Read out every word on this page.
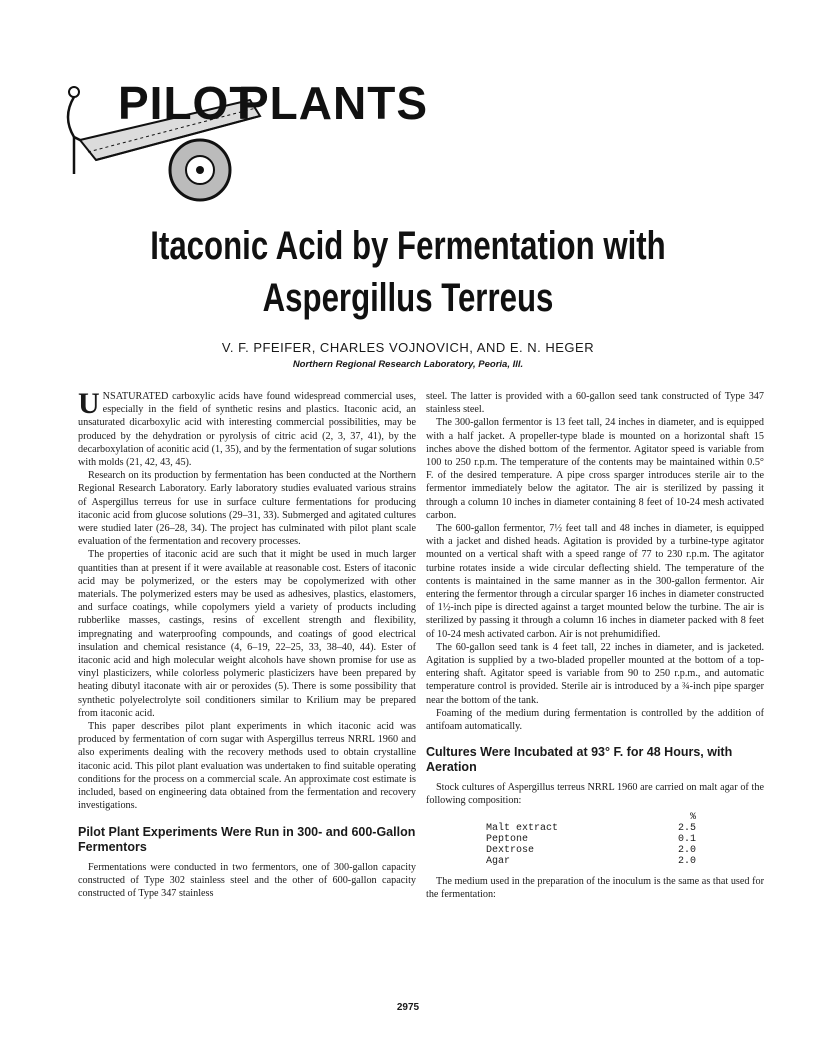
PILOT
PLANTS
Itaconic Acid by Fermentation with
Aspergillus Terreus
V. F. PFEIFER, CHARLES VOJNOVICH, AND E. N. HEGER
Northern Regional Research Laboratory, Peoria, Ill.

UNSATURATED carboxylic acids have found widespread commercial uses, especially in the field of synthetic resins and plastics. Itaconic acid, an unsaturated dicarboxylic acid with interesting commercial possibilities, may be produced by the dehydration or pyrolysis of citric acid (2, 3, 37, 41), by the decarboxylation of aconitic acid (1, 35), and by the fermentation of sugar solutions with molds (21, 42, 43, 45).

Research on its production by fermentation has been conducted at the Northern Regional Research Laboratory. Early laboratory studies evaluated various strains of Aspergillus terreus for use in surface culture fermentations for producing itaconic acid from glucose solutions (29–31, 33). Submerged and agitated cultures were studied later (26–28, 34). The project has culminated with pilot plant scale evaluation of the fermentation and recovery processes.

The properties of itaconic acid are such that it might be used in much larger quantities than at present if it were available at reasonable cost. Esters of itaconic acid may be polymerized, or the esters may be copolymerized with other materials. The polymerized esters may be used as adhesives, plastics, elastomers, and surface coatings, while copolymers yield a variety of products including rubberlike masses, castings, resins of excellent strength and flexibility, impregnating and waterproofing compounds, and coatings of good electrical insulation and chemical resistance (4, 6–19, 22–25, 33, 38–40, 44). Ester of itaconic acid and high molecular weight alcohols have shown promise for use as vinyl plasticizers, while colorless polymeric plasticizers have been prepared by heating dibutyl itaconate with air or peroxides (5). There is some possibility that synthetic polyelectrolyte soil conditioners similar to Krilium may be prepared from itaconic acid.

This paper describes pilot plant experiments in which itaconic acid was produced by fermentation of corn sugar with Aspergillus terreus NRRL 1960 and also experiments dealing with the recovery methods used to obtain crystalline itaconic acid. This pilot plant evaluation was undertaken to find suitable operating conditions for the process on a commercial scale. An approximate cost estimate is included, based on engineering data obtained from the fermentation and recovery investigations.

Pilot Plant Experiments Were Run in 300- and 600-Gallon Fermentors

Fermentations were conducted in two fermentors, one of 300-gallon capacity constructed of Type 302 stainless steel and the other of 600-gallon capacity constructed of Type 347 stainless

steel. The latter is provided with a 60-gallon seed tank constructed of Type 347 stainless steel.

The 300-gallon fermentor is 13 feet tall, 24 inches in diameter, and is equipped with a half jacket. A propeller-type blade is mounted on a horizontal shaft 15 inches above the dished bottom of the fermentor. Agitator speed is variable from 100 to 250 r.p.m. The temperature of the contents may be maintained within 0.5° F. of the desired temperature. A pipe cross sparger introduces sterile air to the fermentor immediately below the agitator. The air is sterilized by passing it through a column 10 inches in diameter containing 8 feet of 10-24 mesh activated carbon.

The 600-gallon fermentor, 7½ feet tall and 48 inches in diameter, is equipped with a jacket and dished heads. Agitation is provided by a turbine-type agitator mounted on a vertical shaft with a speed range of 77 to 230 r.p.m. The agitator turbine rotates inside a wide circular deflecting shield. The temperature of the contents is maintained in the same manner as in the 300-gallon fermentor. Air entering the fermentor through a circular sparger 16 inches in diameter constructed of 1½-inch pipe is directed against a target mounted below the turbine. The air is sterilized by passing it through a column 16 inches in diameter packed with 8 feet of 10-24 mesh activated carbon. Air is not prehumidified.

The 60-gallon seed tank is 4 feet tall, 22 inches in diameter, and is jacketed. Agitation is supplied by a two-bladed propeller mounted at the bottom of a top-entering shaft. Agitator speed is variable from 90 to 250 r.p.m., and automatic temperature control is provided. Sterile air is introduced by a ¾-inch pipe sparger near the bottom of the tank.

Foaming of the medium during fermentation is controlled by the addition of antifoam automatically.

Cultures Were Incubated at 93° F. for 48 Hours, with Aeration

Stock cultures of Aspergillus terreus NRRL 1960 are carried on malt agar of the following composition:

	%
Malt extract	2.5
Peptone	0.1
Dextrose	2.0
Agar	2.0

The medium used in the preparation of the inoculum is the same as that used for the fermentation:

2975
